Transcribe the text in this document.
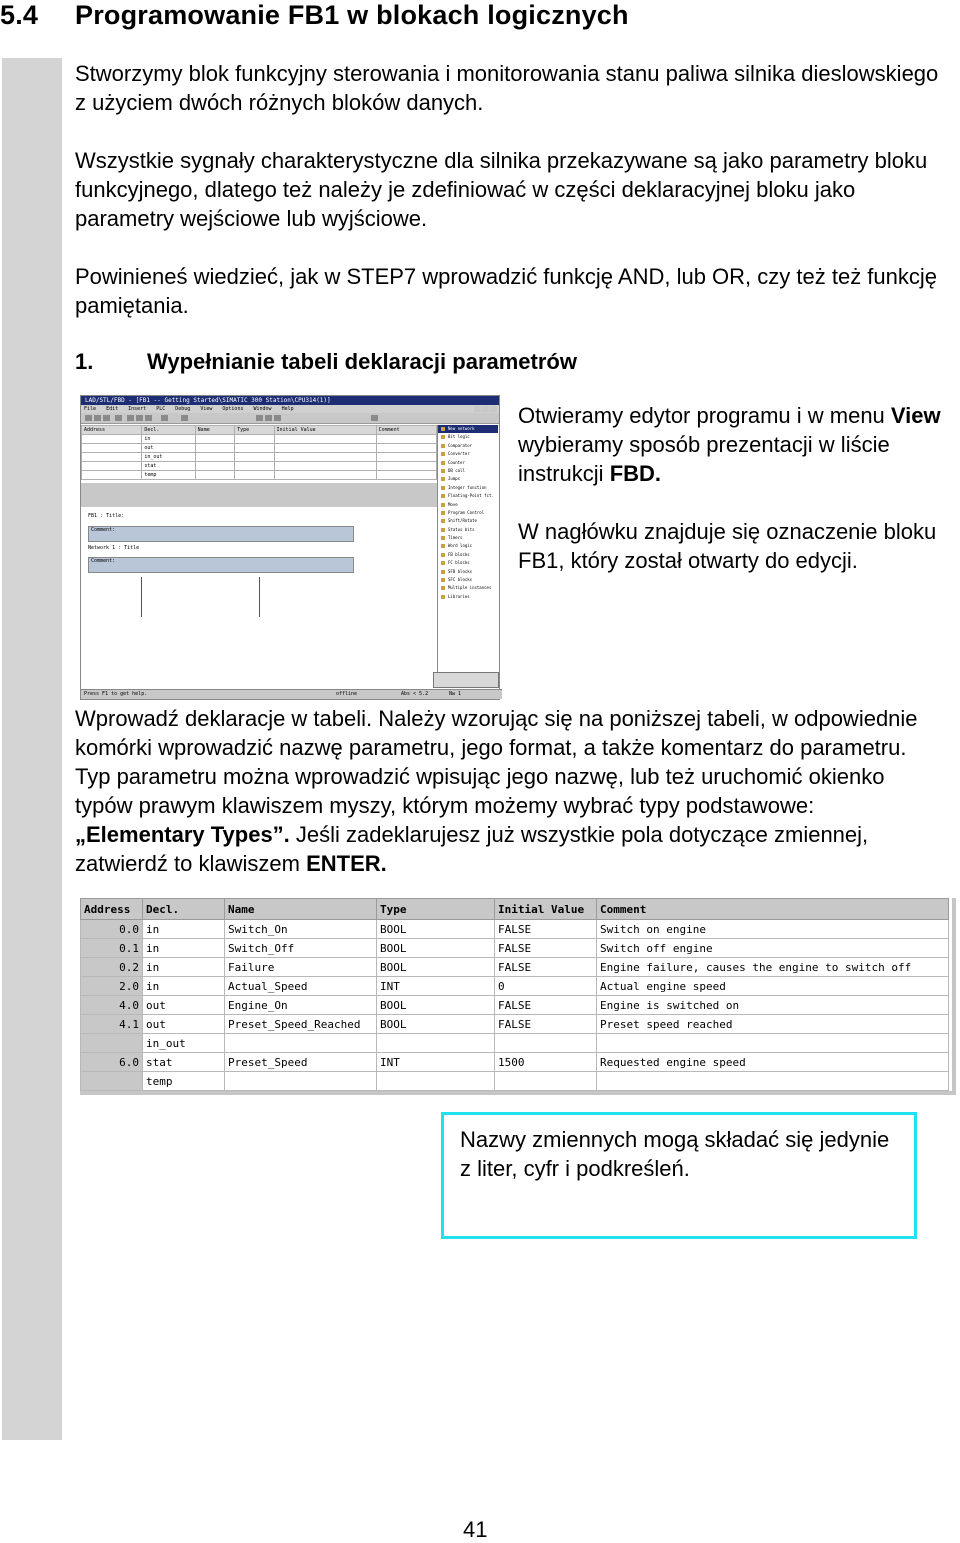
5.4 Programowanie FB1 w blokach logicznych
Stworzymy blok funkcyjny sterowania i monitorowania stanu paliwa silnika dieslowskiego z użyciem dwóch różnych bloków danych.
Wszystkie sygnały charakterystyczne dla silnika przekazywane są jako parametry bloku funkcyjnego, dlatego też należy je zdefiniować w części deklaracyjnej bloku jako parametry wejściowe lub wyjściowe.
Powinieneś wiedzieć, jak w STEP7 wprowadzić funkcję AND, lub OR, czy też też funkcję pamiętania.
1. Wypełnianie tabeli deklaracji parametrów
LAD/STL/FBD - [FB1 -- Getting Started\SIMATIC 300 Station\CPU314(1)]
File Edit Insert PLC Debug View Options Window Help
Address	Decl.	Name	Type	Initial Value	Comment
	in				
	out				
	in_out				
	stat				
	temp				
FB1 : Title:
Comment:
Network 1 : Title
Comment:
New network
Bit logic
Comparator
Converter
Counter
DB call
Jumps
Integer function
Floating-Point fct.
Move
Program Control
Shift/Rotate
Status bits
Timers
Word logic
FB blocks
FC blocks
SFB blocks
SFC blocks
Multiple instances
Libraries
Press F1 to get help.	offline	Abs < 5.2	Nw 1
Otwieramy edytor programu i w menu View wybieramy sposób prezentacji w liście instrukcji FBD.
W nagłówku znajduje się oznaczenie bloku FB1, który został otwarty do edycji.
Wprowadź deklaracje w tabeli. Należy wzorując się na poniższej tabeli, w odpowiednie komórki wprowadzić nazwę parametru, jego format, a także komentarz do parametru. Typ parametru można wprowadzić wpisując jego nazwę, lub też uruchomić okienko typów prawym klawiszem myszy, którym możemy wybrać typy podstawowe: „Elementary Types”. Jeśli zadeklarujesz już wszystkie pola dotyczące zmiennej, zatwierdź to klawiszem ENTER.
Address	Decl.	Name	Type	Initial Value	Comment
0.0	in	Switch_On	BOOL	FALSE	Switch on engine
0.1	in	Switch_Off	BOOL	FALSE	Switch off engine
0.2	in	Failure	BOOL	FALSE	Engine failure, causes the engine to switch off
2.0	in	Actual_Speed	INT	0	Actual engine speed
4.0	out	Engine_On	BOOL	FALSE	Engine is switched on
4.1	out	Preset_Speed_Reached	BOOL	FALSE	Preset speed reached
	in_out				
6.0	stat	Preset_Speed	INT	1500	Requested engine speed
	temp				
Nazwy zmiennych mogą składać się jedynie z liter, cyfr i podkreśleń.
41
